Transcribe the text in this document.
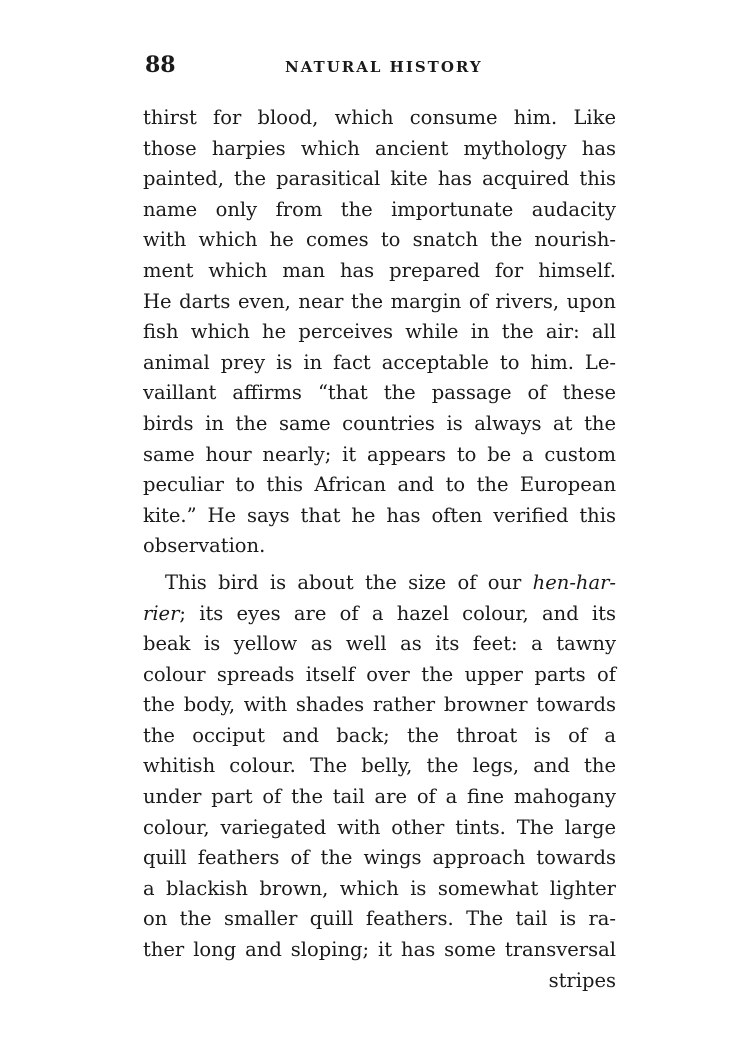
88	NATURAL HISTORY
thirst for blood, which consume him. Like
those harpies which ancient mythology has
painted, the parasitical kite has acquired this
name only from the importunate audacity
with which he comes to snatch the nourish-
ment which man has prepared for himself.
He darts even, near the margin of rivers, upon
fish which he perceives while in the air: all
animal prey is in fact acceptable to him. Le-
vaillant affirms “that the passage of these
birds in the same countries is always at the
same hour nearly; it appears to be a custom
peculiar to this African and to the European
kite.” He says that he has often verified this
observation.
This bird is about the size of our hen-har-
rier; its eyes are of a hazel colour, and its
beak is yellow as well as its feet: a tawny
colour spreads itself over the upper parts of
the body, with shades rather browner towards
the occiput and back; the throat is of a
whitish colour. The belly, the legs, and the
under part of the tail are of a fine mahogany
colour, variegated with other tints. The large
quill feathers of the wings approach towards
a blackish brown, which is somewhat lighter
on the smaller quill feathers. The tail is ra-
ther long and sloping; it has some transversal
stripes
